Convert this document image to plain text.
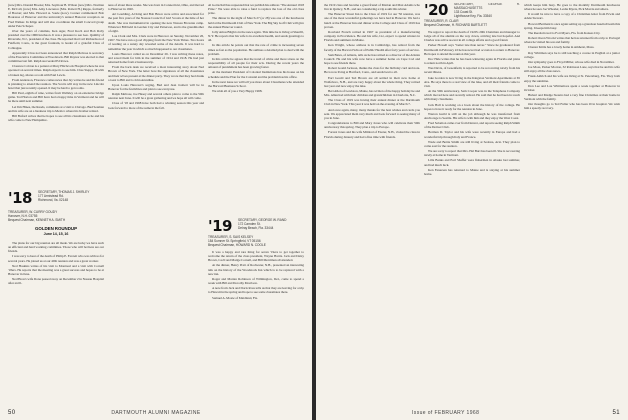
(now) Mrs. Donald Brooks; Mrs. Seymour B. Wilson (now) Mrs. Norman E. McCall, (now) Mrs. Amy Lawrence (Mrs. Robert H.) Rapps, formerly of Boston; and Mrs. Howard A. Soule (now). Conner commented: Bob Bourassa of Hanover and the university's annual Hanover reception on Fred Walker. In Klipp and will also coordinate the small Concord group under Pete Schaper.

Over the years of columns, Ken Ager, Fred Koch and Bob Raby presided over the 1966 luncheon. It was a pleasure to see Geo. Quimby of Riverside, N.J., president of the class. He reported that Carl Richardson of Fairfield, Conn., is the great fountain, is leader of a grateful Class of Colleague.

Apparently it has not been announced that Ralph Melrose is secretary of the Executive Committee at Woodstock. Bill Raynor was elected to that committee last fall. Ralph succeeded Ed Rowe.

Clarence Cobran is a patient at Mary Hitchcock Hospital where he was operated on several times. Ralph expects to see him. Chas Stepps, ill with a broken leg, shares a room with Paul Lewis.

From Anderson, Florence comes news that Jay writes he and his friend is planning to attend the reunion. The Scotts will stay in the new Lincoln hotel that just recently opened. It may be hard to get rooms.

Bill Paul, eighth of nine, writes from Wellsley on an extensive bridge game. Ted Horton and Bill have had a happy time in Vermont and he will be there until next summer.

Let Jim Hines, the Reads, comments at a visit to Chicago. Bud Seaman and his wife are on a business trip to Mexico where his brother retired.

Bill Buford writes that he hopes to see all his classmates as he and his wife come to New Hampshire.

'18	SECRETARY, THOMAS J. SHIRLEY
177 Armistead Rd.
Richmond, Va. 02148
TREASURER, W. CURRY GOUDY
Hanover, N.H. 03755
Bequest Chairman, KENNETH A. SMITH
GOLDEN ROUNDUP
June 14, 15, 16

The plans for our big reunion are all made. We are lucky we have such an efficient and hard working committee. Those who will be there are our friends.

I was sorry to hear of the death of Philip E. Everett who was with us for several years. He joined us at our 40th reunion and was a great worker.

Ned Hoskins writes of his visit to Montreal and a visit with Cornell '18ers. He reports that the meeting was a great success and hopes to be at Hanover in June.

Ned Hoss's wife Dona passed away on December 2 in Nassau Hospital after an ill-

ness of about three weeks. She was born in Connecticut, Ohio, and moved to Hanover in 1920.

Art Goulding, Al King and Bob Bruce were active and associated for the past five years of the Nassau Council of Girl Scouts at the time of her death. She was instrumental in opening the new Nassau Brownie camp. Whatever Bill held in Garden City and Patterson, and is the grandmother of eight.

Lou Clark and Mrs. Clark were in Hanover on Sunday, November 26, 1967. We have run a good clipping from the New York Times. Two hours of reading on a sunny day revealed some of the details. It was hard to remember the year in which so much happened to our classmates.

Louis Hanover called us on December 26. I was writing these notes, and saved them for him in the summer of 1914 and 1918. He had just returned home from a business trip.

From the back desk we received a most interesting story about Ned Brown of New York. The letter bore the signatures of all the classmates and their wives present at the dinner party. They wrote that they had drunk a toast to Bill and to John Arundine.

Upon Louis Hanover's urging, Bud and Jean Joubert will be in Hanover for the festivities and plan to see everyone.

Ralph Melrose, Joe Hasey and several others plan to come to the 50th reunion next June. It will be a great gathering and we hope all will come.

Class of '18 and 1968 have both had a winning season this year and look forward to more of the same in the fall.

Al Gottschall has requested that we publish his address "The Annual 1918 Prize." We were able to raise a fund to replace the loss of the old class prize.

The dinner in the night of March 27 (or 28) was one of the luncheons held at the Dartmouth Club of New York. The Big Sky Golf Club will give the annual Hanover round.

Jolly Amos Bligh is in the news again. This time he is living at Sherrill, N.Y. He reports that his wife is in excellent health, and sends greetings to all.

In this article he points out that the rate of crime is increasing seven times as fast as the population. He outlines a detailed plan to deal with the problem.

In this article he agrees that the trend of crime and more stress on the responsibility of all people for their acts. During the recent years the amount of punishment has been growing faster.

At the moment President of Colonial Institutions has his house on his schedule and the Plan for the Colonial and the problem has his office.

In the next issue we will tell you more about Classmates who attended the Harvard Business School.

We wish all of you a Very Happy 1968.

'19	SECRETARY, GEORGE W. RAND
172 Camden St.
Delray Beach, Fla. 33444
TREASURER, S. SAIS KELSEY
184 Sumner St. Springfield, VT 05156
Bequest Chairman, HOWARD N. COOLE

It was a happy and rare thing for seven '19ers to get together to welcome the return of the class president, Wayne Harris. Jack and Daisy Brown, Cecil and Madge Cornell, and Bill Merriman all attended.

At the dinner, Henry Pratt of Rochester, N.H., presented an interesting talk on the history of the Woodstock Inn which is to be replaced with a new inn.

Roger and Marian Robinson of Wilmington, Del., came to spend a week with Bill and Dorothy Morrison.

A note from Jack and Doris Ross tells us that they are leaving for a trip to Hawaii in the spring and hope to see some classmates there.

Samuel A. Mouw of Maidland, Fla.

50	DARTMOUTH ALUMNI MAGAZINE

the 1919 class and became a great friend of Marian and Max Adams who live in Quincy, N.H., and are considering a trip south this winter.

The Hanover Street Inn to the Class of 1919 for our '50 reunion, was one of the most wonderful gatherings we have had in Hanover. We had a lunch at the Hanover Inn and dinner at the College and Class of 1919 has proven.

Rowland French retired in 1967 as president of a manufacturing company in Providence. He and his wife, Liz, expect to spend winters in Florida and summers in Maine.

Ken Wright, whose address is in Cambridge, has retired from the faculty of the Harvard School of Public Health after forty years of service.

Sam Bates, of Atlanta, tells us he has retired as a director of the Atlanta Council. He and his wife now have a summer home on Cape Cod and hope to see friends there.

Robert Gould Jackson, thanks the class for the birthday card and note. He is now living at Hartford, Conn., and sends best to all.

Earl Gould and Ted Brown are all settled in their new home at Wolfeboro, N.H., and are very happy about the whole thing. They retired last year and now enjoy the lake.

Bert Allen of Lewiston, Maine, has written of the happy holiday he and Mrs. Allen had with their children and grandchildren in Charlotte, N.C.

The Class of 1919 was having their annual dinner at the Dartmouth Club in New York. This year it was held on the evening of March 7.

And once again, many, many thanks for the best wishes and cards you sent. We appreciated them very much and look forward to seeing many of you in June.

Congratulations to Bill and Mary Jones who will celebrate their 50th anniversary this spring. They plan a trip to Europe.

Forrest Jones and his wife Mildred of Exeter, N.H., visited the class in Florida during January and had a fine time with friends.

'20	SECRETARY, GEORGE R. MASSACHUSETTS
133 Coast St.
Lighthouse Key, Fla. 33540
TREASURER, R. CLAIR
Bequest Chairman, H. RICHARD BARTLETT

We regret to report the death of 1920's 20th Chairman and manager to lodge all of the alumni on the way down, arriving late but hopeful. And Charles was active as ever in all college affairs and a good friend.

Parker Howell says "better late than never." Since he graduated from Dartmouth in February 22 he has never had occasion to return to Hanover. He hopes to attend the reunion this year.

Doc Hale writes that he has been wintering again in Florida and plans to return north in April.

Wes Davis, of Greenfield, is reported to be recovering nicely from his recent illness.

Jake Gordon is now living in the Kingston Vermont Apartments at 65 Ave. He says there is a real view of the lake, and all their friends come to visit.

At the 50th anniversary, Sam Cooper was in the Telephone Company which moved here and recently retired. He said that he had been in touch with many classmates.

Jack Hall is working on a book about the history of the college. He hopes to have it ready for the reunion in June.

Warren Guild is still on the job although he was transferred from Anchorage to Seattle. His wife is with him and they enjoy the West Coast.

Fred Salomon came over from Denver, and reports seeing Ralph Smith of the Denver Club.

Herman D. Taylor and his wife were recently in Europe and had a wonderful trip through Italy and France.

Wade and Bettie Smith are still living at Sedona, Ariz. They plan to come east for the reunion.

We are sorry to report that Mrs. Hal Burt has been ill. She is recovering nicely at home in Vermont.

Lilla Banks and Earl Shaffer were fishermen in Alaska last summer, and had much luck.

Ken Fenersen has returned to Maine and is staying at his summer home.

which keeps him busy. He goes to the monthly Dartmouth luncheons where he sees Joe Wheeler, Leslie Myers, Pick Morris and others.

It would be nice to have a copy of a Christmas letter from Erwin and Adele Stewart.

Howard Bermant is once again setting up a grandson baseball team this spring. It keeps him busy.

The Reeds moved to Fort Myers, Fla. from Kansas City.

Robert Owen Wrocki writes that he has returned from a trip to Portugal where he visited his son and family.

Chester Kittle has a lovely home in Amherst, Mass.

Ray Whitman says he is still teaching a course in English at a junior college.

Our sympathy goes to Floyd Miller, whose wife died in November.

Joe Moss, Parker Morton, 32 Robinson Lane, says that he and his wife still enjoy all the class news.

Frank Aldrich and his wife are living at St. Petersburg, Fla. They both enjoy the sunshine.

Don Lee and Lou Whittemore spent a week together at Hanover in October.

Hubert and Madge Stearns had a very fine Christmas at their home in Vermont with the family.

Our thoughts go to Ted Fuller who has been ill in hospital. We wish him a speedy recovery.

Issue of FEBRUARY 1968	51
